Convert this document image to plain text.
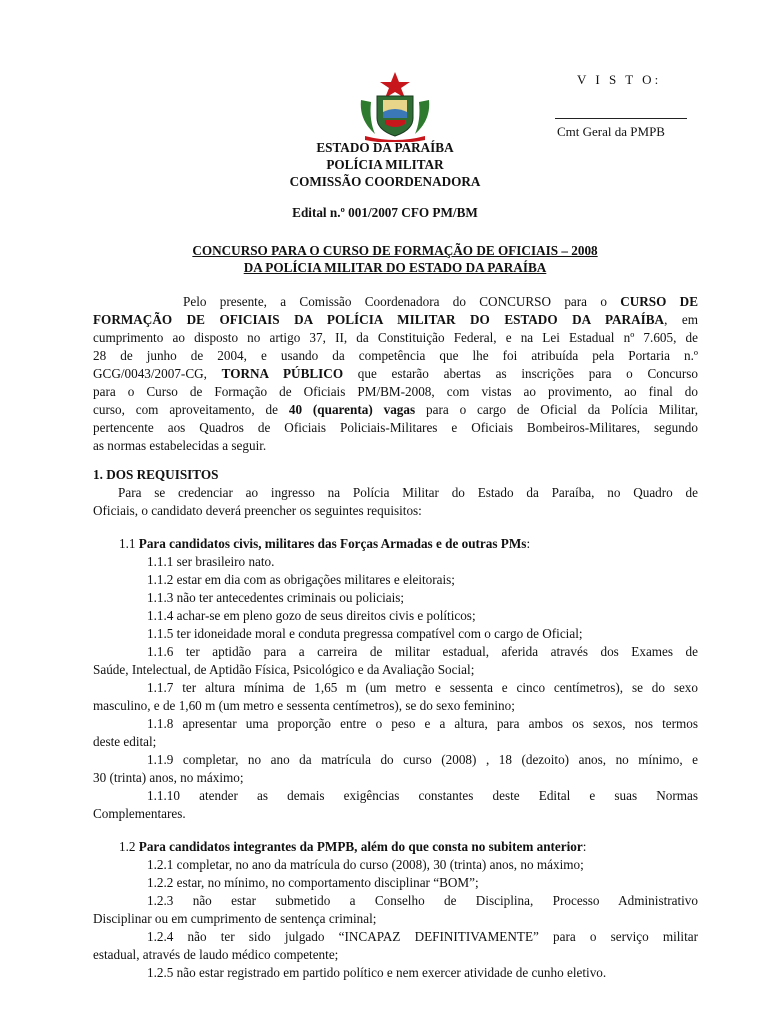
V I S T O:
Cmt Geral da PMPB
ESTADO DA PARAÍBA
POLÍCIA MILITAR
COMISSÃO COORDENADORA
Edital n.º 001/2007 CFO PM/BM
CONCURSO PARA O CURSO DE FORMAÇÃO DE OFICIAIS – 2008
DA POLÍCIA MILITAR DO ESTADO DA PARAÍBA
Pelo presente, a Comissão Coordenadora do CONCURSO para o CURSO DE
FORMAÇÃO DE OFICIAIS DA POLÍCIA MILITAR DO ESTADO DA PARAÍBA, em
cumprimento ao disposto no artigo 37, II, da Constituição Federal, e na Lei Estadual nº 7.605, de
28 de junho de 2004, e usando da competência que lhe foi atribuída pela Portaria n.º
GCG/0043/2007-CG, TORNA PÚBLICO que estarão abertas as inscrições para o Concurso
para o Curso de Formação de Oficiais PM/BM-2008, com vistas ao provimento, ao final do
curso, com aproveitamento, de 40 (quarenta) vagas para o cargo de Oficial da Polícia Militar,
pertencente aos Quadros de Oficiais Policiais-Militares e Oficiais Bombeiros-Militares, segundo
as normas estabelecidas a seguir.
1. DOS REQUISITOS
Para se credenciar ao ingresso na Polícia Militar do Estado da Paraíba, no Quadro de
Oficiais, o candidato deverá preencher os seguintes requisitos:
1.1 Para candidatos civis, militares das Forças Armadas e de outras PMs:
1.1.1 ser brasileiro nato.
1.1.2 estar em dia com as obrigações militares e eleitorais;
1.1.3 não ter antecedentes criminais ou policiais;
1.1.4 achar-se em pleno gozo de seus direitos civis e políticos;
1.1.5 ter idoneidade moral e conduta pregressa compatível com o cargo de Oficial;
1.1.6 ter aptidão para a carreira de militar estadual, aferida através dos Exames de
Saúde, Intelectual, de Aptidão Física, Psicológico e da Avaliação Social;
1.1.7 ter altura mínima de 1,65 m (um metro e sessenta e cinco centímetros), se do sexo
masculino, e de 1,60 m (um metro e sessenta centímetros), se do sexo feminino;
1.1.8 apresentar uma proporção entre o peso e a altura, para ambos os sexos, nos termos
deste edital;
1.1.9 completar, no ano da matrícula do curso (2008) , 18 (dezoito) anos, no mínimo, e
30 (trinta) anos, no máximo;
1.1.10 atender as demais exigências constantes deste Edital e suas Normas
Complementares.
1.2 Para candidatos integrantes da PMPB, além do que consta no subitem anterior:
1.2.1 completar, no ano da matrícula do curso (2008), 30 (trinta) anos, no máximo;
1.2.2 estar, no mínimo, no comportamento disciplinar “BOM”;
1.2.3 não estar submetido a Conselho de Disciplina, Processo Administrativo
Disciplinar ou em cumprimento de sentença criminal;
1.2.4 não ter sido julgado “INCAPAZ DEFINITIVAMENTE” para o serviço militar
estadual, através de laudo médico competente;
1.2.5 não estar registrado em partido político e nem exercer atividade de cunho eletivo.
